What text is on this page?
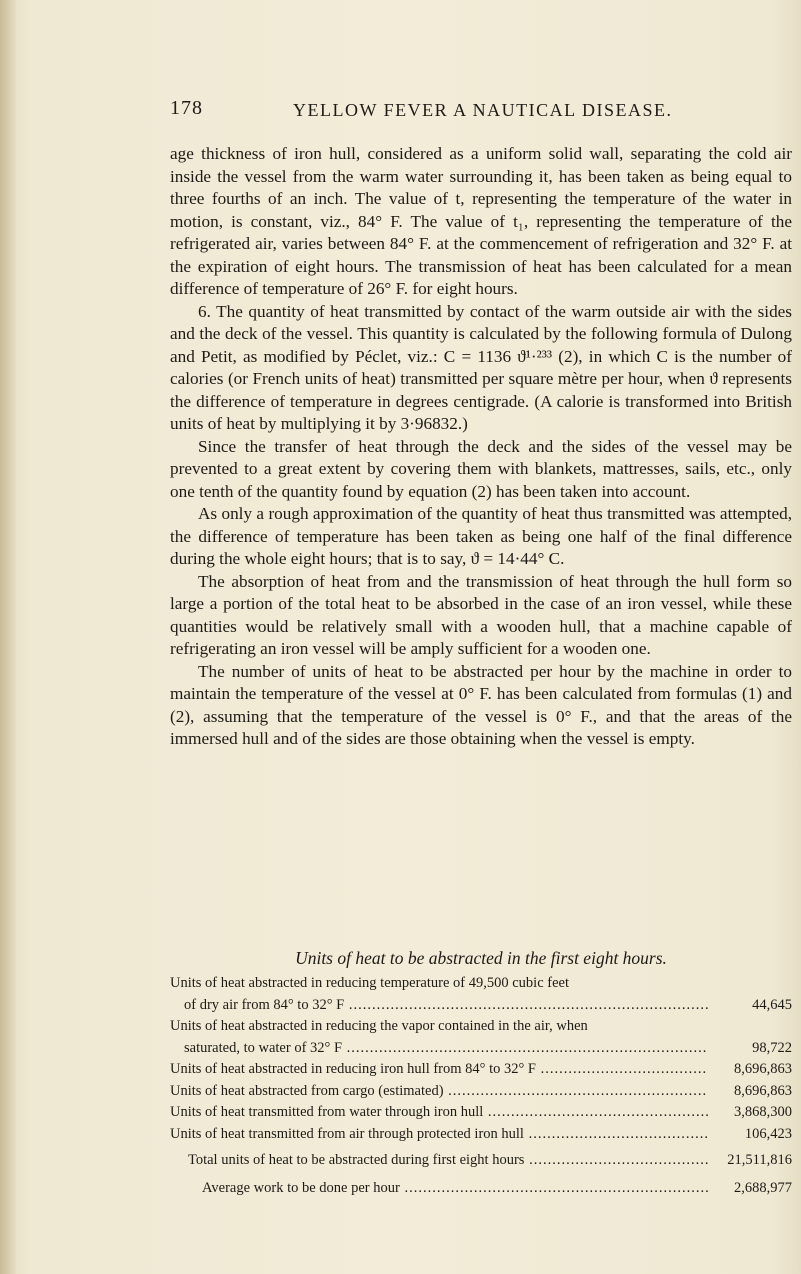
178	YELLOW FEVER A NAUTICAL DISEASE.

age thickness of iron hull, considered as a uniform solid wall, separating the cold air inside the vessel from the warm water surrounding it, has been taken as being equal to three fourths of an inch. The value of t, representing the temperature of the water in motion, is constant, viz., 84° F. The value of t₁, representing the temperature of the refrigerated air, varies between 84° F. at the commencement of refrigeration and 32° F. at the expiration of eight hours. The transmission of heat has been calculated for a mean difference of temperature of 26° F. for eight hours.

6. The quantity of heat transmitted by contact of the warm outside air with the sides and the deck of the vessel. This quantity is calculated by the following formula of Dulong and Petit, as modified by Péclet, viz.: C = 1136 ϑ¹·²³³ (2), in which C is the number of calories (or French units of heat) transmitted per square mètre per hour, when ϑ represents the difference of temperature in degrees centigrade. (A calorie is transformed into British units of heat by multiplying it by 3·96832.)

Since the transfer of heat through the deck and the sides of the vessel may be prevented to a great extent by covering them with blankets, mattresses, sails, etc., only one tenth of the quantity found by equation (2) has been taken into account.

As only a rough approximation of the quantity of heat thus transmitted was attempted, the difference of temperature has been taken as being one half of the final difference during the whole eight hours; that is to say, ϑ = 14·44° C.

The absorption of heat from and the transmission of heat through the hull form so large a portion of the total heat to be absorbed in the case of an iron vessel, while these quantities would be relatively small with a wooden hull, that a machine capable of refrigerating an iron vessel will be amply sufficient for a wooden one.

The number of units of heat to be abstracted per hour by the machine in order to maintain the temperature of the vessel at 0° F. has been calculated from formulas (1) and (2), assuming that the temperature of the vessel is 0° F., and that the areas of the immersed hull and of the sides are those obtaining when the vessel is empty.

Units of heat to be abstracted in the first eight hours.
Units of heat abstracted in reducing temperature of 49,500 cubic feet
of dry air from 84° to 32° F .....	44,645
Units of heat abstracted in reducing the vapor contained in the air, when
saturated, to water of 32° F .....	98,722
Units of heat abstracted in reducing iron hull from 84° to 32° F .....	8,696,863
Units of heat abstracted from cargo (estimated) .....	8,696,863
Units of heat transmitted from water through iron hull .....	3,868,300
Units of heat transmitted from air through protected iron hull .....	106,423
Total units of heat to be abstracted during first eight hours .....	21,511,816
Average work to be done per hour .....	2,688,977
